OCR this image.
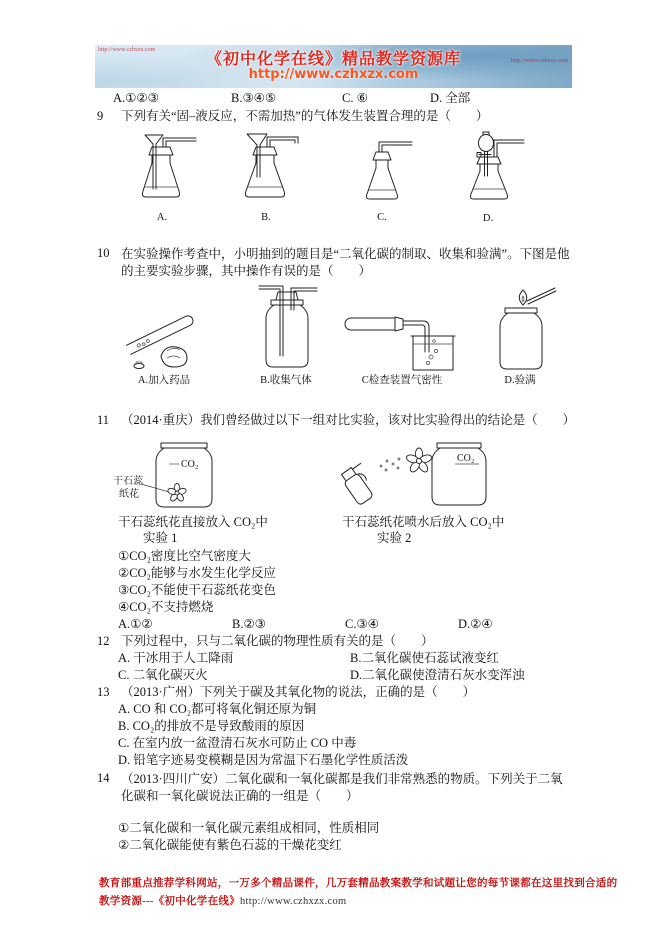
http://www.czhxzx.com	《初中化学在线》精品教学资源库
http://www.czhxzx.com
http://www.czhxzx.com
A.①②③	B.③④⑤	C. ⑥	D. 全部
9 下列有关“固–液反应，不需加热”的气体发生装置合理的是（　　）
A.	B.	C.	D.
10 在实验操作考查中，小明抽到的题目是“二氧化碳的制取、收集和验满”。下图是他的主要实验步骤，其中操作有误的是（　　）
A.加入药品	B.收集气体	C检查装置气密性	D.验满
11 （2014·重庆）我们曾经做过以下一组对比实验，该对比实验得出的结论是（　　）
干石蕊
纸花
CO₂
CO₂
干石蕊纸花直接放入 CO₂中
实验 1
干石蕊纸花喷水后放入 CO₂中
实验 2
①CO₂密度比空气密度大
②CO₂能够与水发生化学反应
③CO₂不能使干石蕊纸花变色
④CO₂不支持燃烧
A.①②	B.②③	C.③④	D.②④
12 下列过程中，只与二氧化碳的物理性质有关的是（　　）
A. 干冰用于人工降雨	B.二氧化碳使石蕊试液变红
C. 二氧化碳灭火	D.二氧化碳使澄清石灰水变浑浊
13 （2013·广州）下列关于碳及其氧化物的说法，正确的是（　　）
A. CO 和 CO₂都可将氧化铜还原为铜
B. CO₂的排放不是导致酸雨的原因
C. 在室内放一盆澄清石灰水可防止 CO 中毒
D. 铅笔字迹易变模糊是因为常温下石墨化学性质活泼
14 （2013·四川广安）二氧化碳和一氧化碳都是我们非常熟悉的物质。下列关于二氧化碳和一氧化碳说法正确的一组是（　　）
①二氧化碳和一氧化碳元素组成相同，性质相同
②二氧化碳能使有紫色石蕊的干燥花变红
教育部重点推荐学科网站，一万多个精品课件，几万套精品教案教学和试题让您的每节课都在这里找到合适的
教学资源---《初中化学在线》http://www.czhxzx.com
